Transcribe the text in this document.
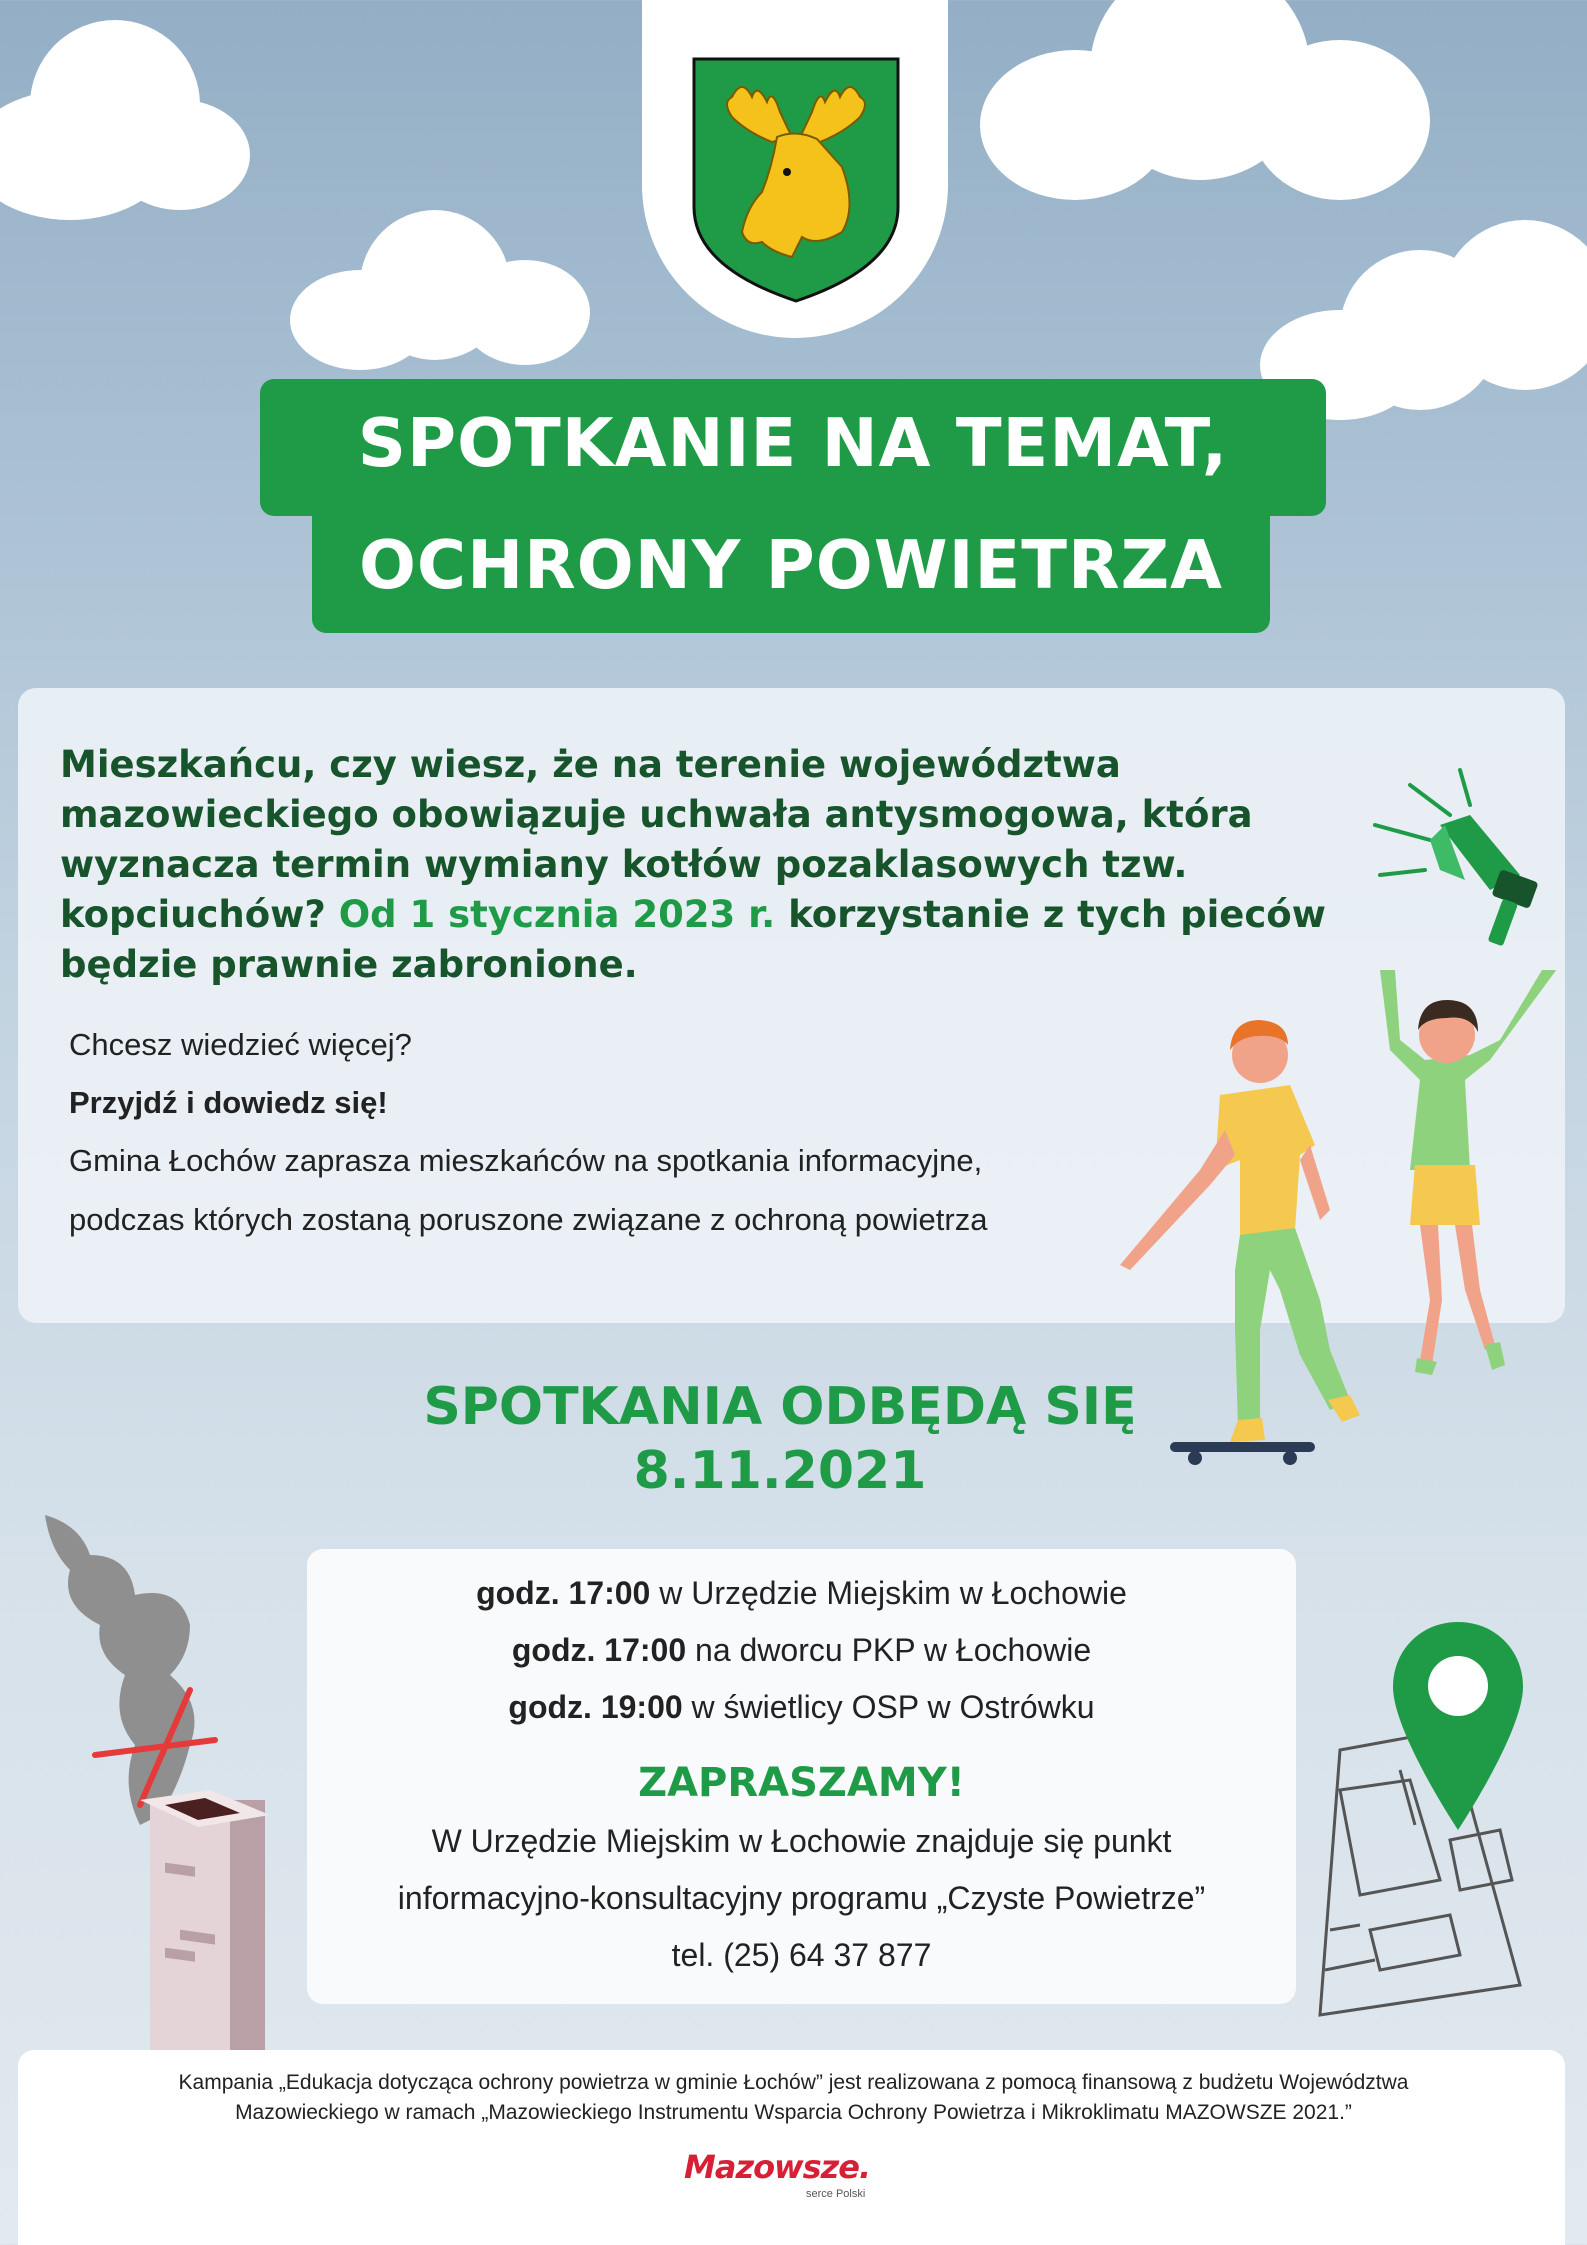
SPOTKANIE NA TEMAT,
OCHRONY POWIETRZA
Mieszkańcu, czy wiesz, że na terenie województwa mazowieckiego obowiązuje uchwała antysmogowa, która wyznacza termin wymiany kotłów pozaklasowych tzw. kopciuchów? Od 1 stycznia 2023 r. korzystanie z tych pieców będzie prawnie zabronione.
Chcesz wiedzieć więcej?
Przyjdź i dowiedz się!
Gmina Łochów zaprasza mieszkańców na spotkania informacyjne,
podczas których zostaną poruszone związane z ochroną powietrza
SPOTKANIA ODBĘDĄ SIĘ
8.11.2021
godz. 17:00 w Urzędzie Miejskim w Łochowie
godz. 17:00 na dworcu PKP w Łochowie
godz. 19:00 w świetlicy OSP w Ostrówku
ZAPRASZAMY!
W Urzędzie Miejskim w Łochowie znajduje się punkt
informacyjno-konsultacyjny programu „Czyste Powietrze”
tel. (25) 64 37 877
Kampania „Edukacja dotycząca ochrony powietrza w gminie Łochów” jest realizowana z pomocą finansową z budżetu Województwa
Mazowieckiego w ramach „Mazowieckiego Instrumentu Wsparcia Ochrony Powietrza i Mikroklimatu MAZOWSZE 2021.”
Mazowsze.
serce Polski
